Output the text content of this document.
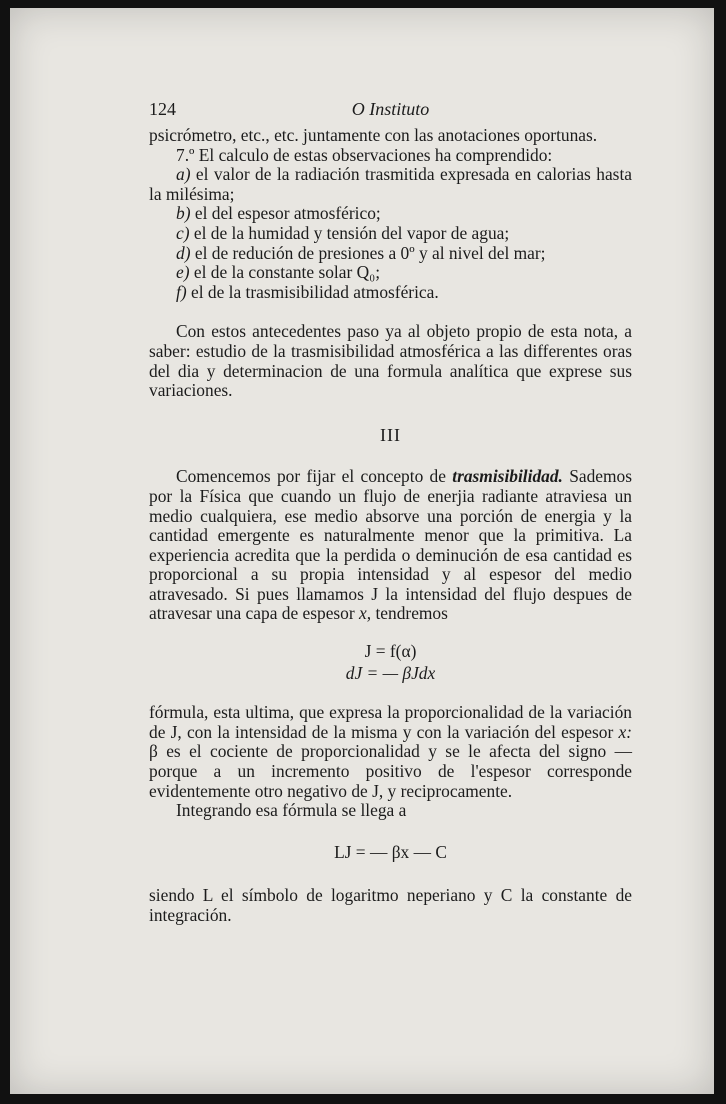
124	O Instituto

psicrómetro, etc., etc. juntamente con las anotaciones oportunas.

7.º El calculo de estas observaciones ha comprendido:

a) el valor de la radiación trasmitida expresada en calorias hasta la milésima;

b) el del espesor atmosférico;

c) el de la humidad y tensión del vapor de agua;

d) el de redución de presiones a 0º y al nivel del mar;

e) el de la constante solar Q₀;

f) el de la trasmisibilidad atmosférica.

Con estos antecedentes paso ya al objeto propio de esta nota, a saber: estudio de la trasmisibilidad atmosférica a las differentes oras del dia y determinacion de una formula analítica que exprese sus variaciones.

III

Comencemos por fijar el concepto de trasmisibilidad. Sademos por la Física que cuando un flujo de enerjia radiante atraviesa un medio cualquiera, ese medio absorve una porción de energia y la cantidad emergente es naturalmente menor que la primitiva. La experiencia acredita que la perdida o deminución de esa cantidad es proporcional a su propia intensidad y al espesor del medio atravesado. Si pues llamamos J la intensidad del flujo despues de atravesar una capa de espesor x, tendremos

J = f(α)
dJ = — βJdx

fórmula, esta ultima, que expresa la proporcionalidad de la variación de J, con la intensidad de la misma y con la variación del espesor x: β es el cociente de proporcionalidad y se le afecta del signo — porque a un incremento positivo de l'espesor corresponde evidentemente otro negativo de J, y reciprocamente.

Integrando esa fórmula se llega a

LJ = — βx — C

siendo L el símbolo de logaritmo neperiano y C la constante de integración.
